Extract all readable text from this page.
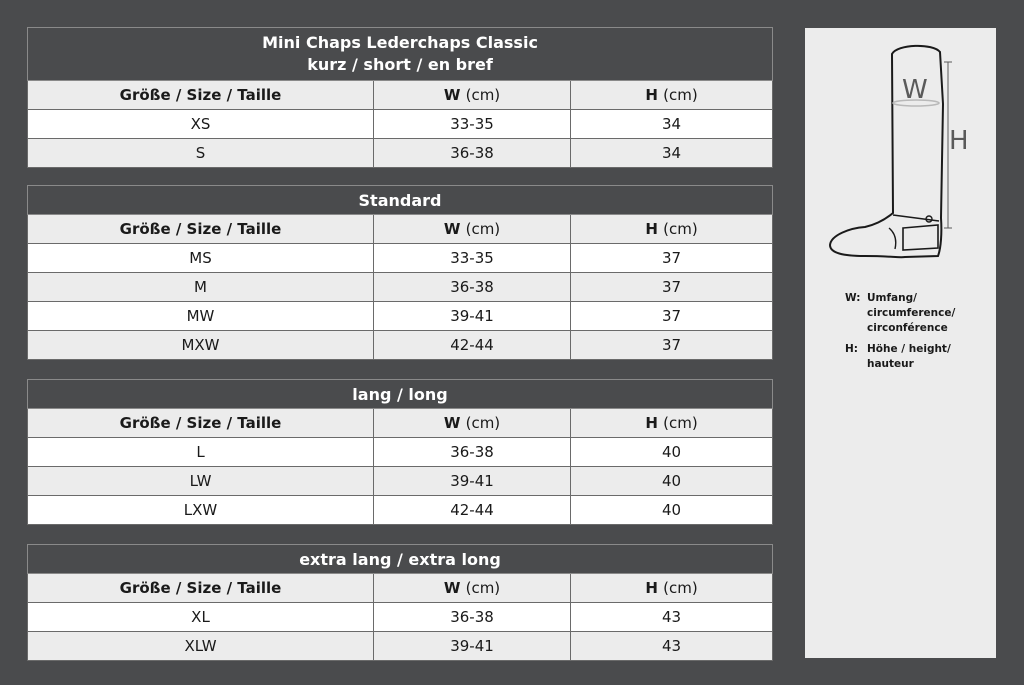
Mini Chaps Lederchaps Classic
kurz / short / en bref		

Größe / Size / Taille	W (cm)	H (cm)
XS	33-35	34
S	36-38	34
Standard		
Größe / Size / Taille	W (cm)	H (cm)
MS	33-35	37
M	36-38	37
MW	39-41	37
MXW	42-44	37
lang / long		
Größe / Size / Taille	W (cm)	H (cm)
L	36-38	40
LW	39-41	40
LXW	42-44	40
extra lang / extra long		
Größe / Size / Taille	W (cm)	H (cm)
XL	36-38	43
XLW	39-41	43
W
H
W: Umfang/ circumference/ circonférence
H: Höhe / height/ hauteur
